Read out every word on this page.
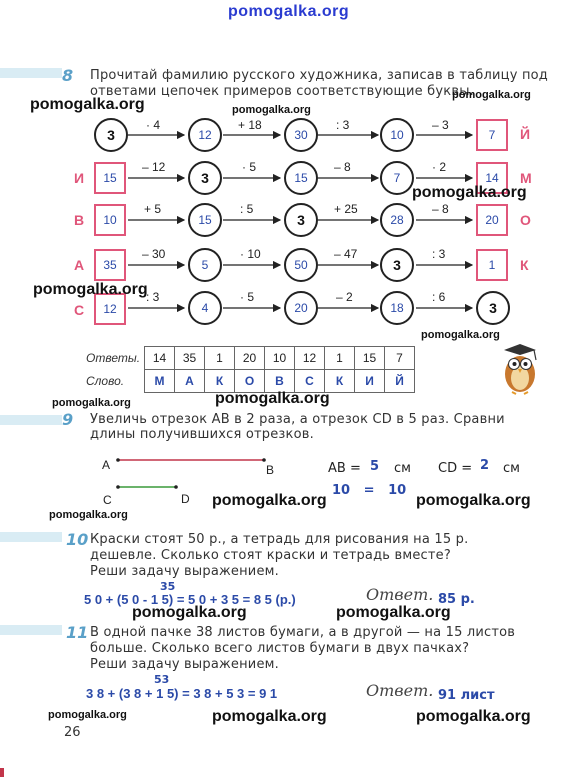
pomogalka.org
8 Прочитай фамилию русского художника, записав в таблицу под
ответами цепочек примеров соответствующие буквы.
pomogalka.org	pomogalka.org
pomogalka.org
3	12	30	10	7	Й
· 4	+ 18	: 3	– 3
И	15	3	15	7	14	М
– 12	· 5	– 8	· 2
В	10	15	3	28	20	О
+ 5	: 5	+ 25	– 8
А	35	5	50	3	1	К
– 30	· 10	– 47	: 3
С	12	4	20	18	3
: 3	· 5	– 2	: 6
pomogalka.org
pomogalka.org
pomogalka.org
Ответы.	14	35	1	20	10	12	1	15	7
Слово.	М	А	К	О	В	С	К	И	Й
pomogalka.org	pomogalka.org
9 Увеличь отрезок AB в 2 раза, а отрезок CD в 5 раз. Сравни
длины получившихся отрезков.
A	B
C	D
AB = 5 см CD = 2 см
10   =   10
pomogalka.org	pomogalka.org
pomogalka.org
10 Краски стоят 50 р., а тетрадь для рисования на 15 р.
дешевле. Сколько стоят краски и тетрадь вместе?
Реши задачу выражением.
35
5 0 + (5 0 - 1 5) = 5 0 + 3 5 = 8 5 (р.)	Ответ. 85 р.
pomogalka.org	pomogalka.org
11 В одной пачке 38 листов бумаги, а в другой — на 15 листов
больше. Сколько всего листов бумаги в двух пачках?
Реши задачу выражением.
53
3 8 + (3 8 + 1 5) = 3 8 + 5 3 = 9 1	Ответ. 91 лист
pomogalka.org	pomogalka.org	pomogalka.org
26
